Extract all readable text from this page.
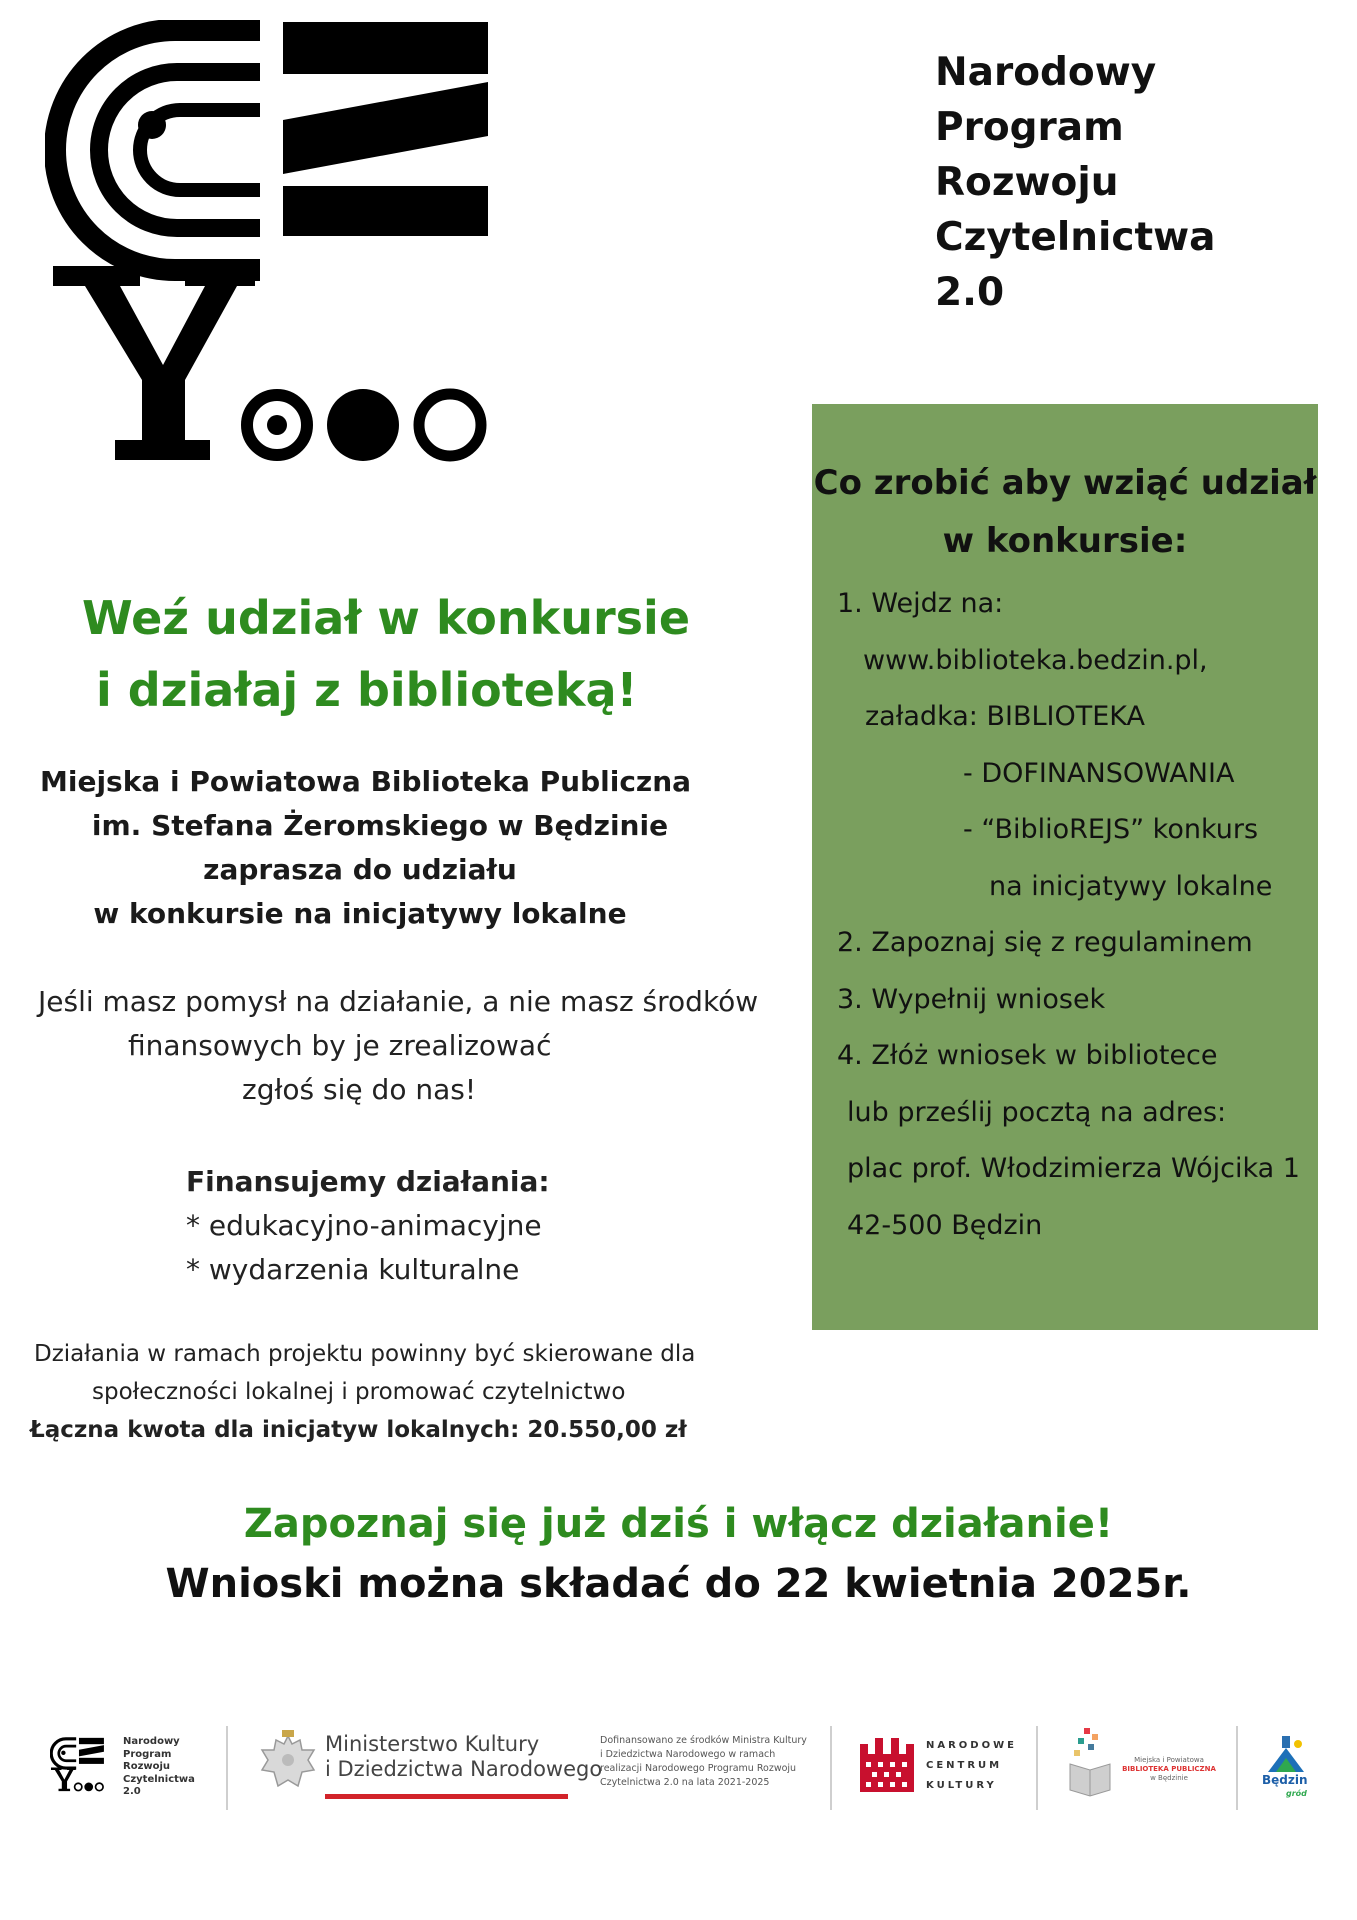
Narodowy
Program
Rozwoju
Czytelnictwa
2.0
Weź udział w konkursie
i działaj z biblioteką!
Miejska i Powiatowa Biblioteka Publiczna
im. Stefana Żeromskiego w Będzinie
zaprasza do udziału
w konkursie na inicjatywy lokalne
Jeśli masz pomysł na działanie, a nie masz środków
finansowych by je zrealizować
zgłoś się do nas!
Finansujemy działania:
* edukacyjno-animacyjne
* wydarzenia kulturalne
Działania w ramach projektu powinny być skierowane dla
społeczności lokalnej i promować czytelnictwo
Łączna kwota dla inicjatyw lokalnych: 20.550,00 zł
Co zrobić aby wziąć udział
w konkursie:
1. Wejdz na:
www.biblioteka.bedzin.pl,
załadka: BIBLIOTEKA
- DOFINANSOWANIA
- “BiblioREJS” konkurs
na inicjatywy lokalne
2. Zapoznaj się z regulaminem
3. Wypełnij wniosek
4. Złóż wniosek w bibliotece
lub prześlij pocztą na adres:
plac prof. Włodzimierza Wójcika 1
42-500 Będzin
Zapoznaj się już dziś i włącz działanie!
Wnioski można składać do 22 kwietnia 2025r.
Narodowy
Program
Rozwoju
Czytelnictwa
2.0
Ministerstwo Kultury
i Dziedzictwa Narodowego
Dofinansowano ze środków Ministra Kultury
i Dziedzictwa Narodowego w ramach
realizacji Narodowego Programu Rozwoju
Czytelnictwa 2.0 na lata 2021-2025
NARODOWE
CENTRUM
KULTURY
Miejska i Powiatowa
BIBLIOTEKA PUBLICZNA
w Będzinie	Będzin
gród
